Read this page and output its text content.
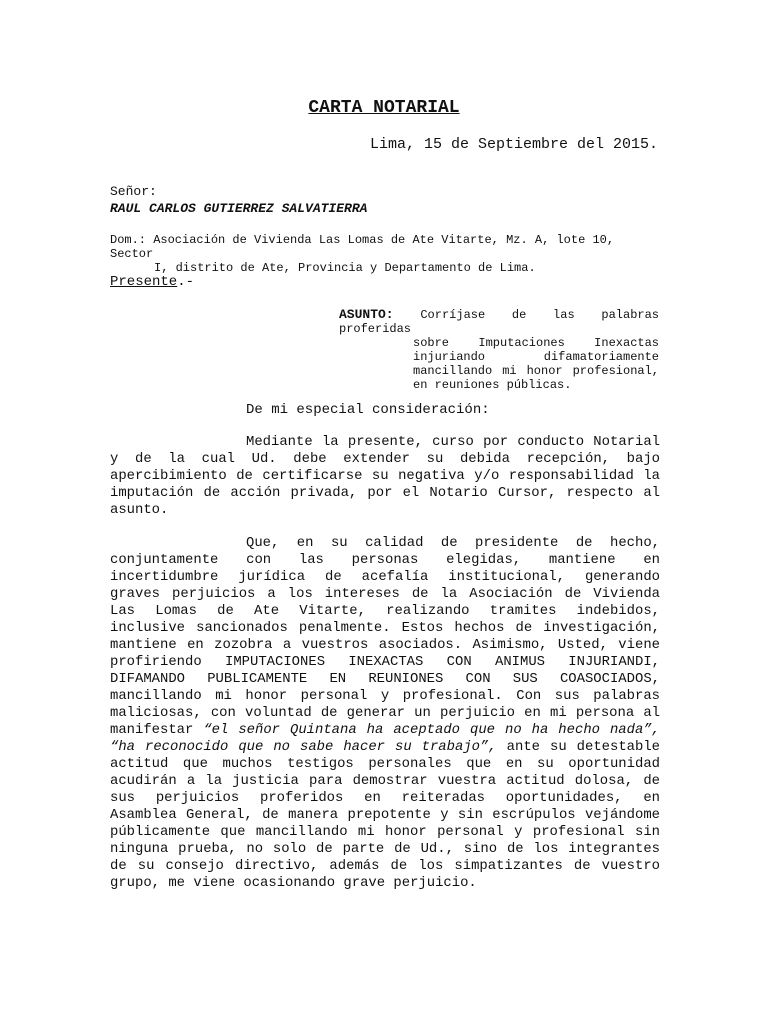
CARTA NOTARIAL

Lima, 15 de Septiembre del 2015.

Señor:

RAUL CARLOS GUTIERREZ SALVATIERRA

Dom.: Asociación de Vivienda Las Lomas de Ate Vitarte, Mz. A, lote 10, Sector
I, distrito de Ate, Provincia y Departamento de Lima.

Presente.-

ASUNTO: Corríjase de las palabras proferidas
sobre Imputaciones Inexactas injuriando difamatoriamente mancillando mi honor profesional, en reuniones públicas.

De mi especial consideración:

Mediante la presente, curso por conducto Notarial y de la cual Ud. debe extender su debida recepción, bajo apercibimiento de certificarse su negativa y/o responsabilidad la imputación de acción privada, por el Notario Cursor, respecto al asunto.

Que, en su calidad de presidente de hecho, conjuntamente con las personas elegidas, mantiene en incertidumbre jurídica de acefalía institucional, generando graves perjuicios a los intereses de la Asociación de Vivienda Las Lomas de Ate Vitarte, realizando tramites indebidos, inclusive sancionados penalmente. Estos hechos de investigación, mantiene en zozobra a vuestros asociados. Asimismo, Usted, viene profiriendo IMPUTACIONES INEXACTAS CON ANIMUS INJURIANDI, DIFAMANDO PUBLICAMENTE EN REUNIONES CON SUS COASOCIADOS, mancillando mi honor personal y profesional. Con sus palabras maliciosas, con voluntad de generar un perjuicio en mi persona al manifestar “el señor Quintana ha aceptado que no ha hecho nada”, “ha reconocido que no sabe hacer su trabajo”, ante su detestable actitud que muchos testigos personales que en su oportunidad acudirán a la justicia para demostrar vuestra actitud dolosa, de sus perjuicios proferidos en reiteradas oportunidades, en Asamblea General, de manera prepotente y sin escrúpulos vejándome públicamente que mancillando mi honor personal y profesional sin ninguna prueba, no solo de parte de Ud., sino de los integrantes de su consejo directivo, además de los simpatizantes de vuestro grupo, me viene ocasionando grave perjuicio.
